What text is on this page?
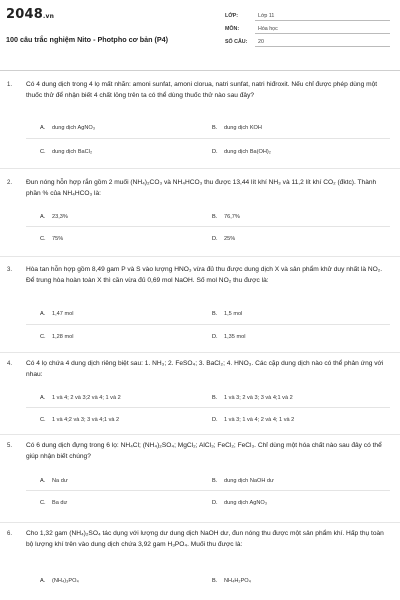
2048.vn
100 câu trắc nghiệm Nito - Photpho cơ bản (P4)
LỚP:	Lớp 11
MÔN:	Hóa học
SỐ CÂU: 20
1. Có 4 dung dịch trong 4 lọ mất nhãn: amoni sunfat, amoni clorua, natri sunfat, natri hiđroxit. Nếu chỉ được phép dùng một thuốc thử để nhận biết 4 chất lỏng trên ta có thể dùng thuốc thử nào sau đây?
A. dung dịch AgNO₃	B. dung dịch KOH
C. dung dịch BaCl₂	D. dung dịch Ba(OH)₂
2. Đun nóng hỗn hợp rắn gồm 2 muối (NH₄)₂CO₃ và NH₄HCO₃ thu được 13,44 lít khí NH₃ và 11,2 lít khí CO₂ (đktc). Thành phần % của NH₄HCO₃ là:
A. 23,3%	B. 76,7%
C. 75%	D. 25%
3. Hòa tan hỗn hợp gồm 8,49 gam P và S vào lượng HNO₃ vừa đủ thu được dung dịch X và sản phẩm khử duy nhất là NO₂. Để trung hòa hoàn toàn X thì cần vừa đủ 0,69 mol NaOH. Số mol NO₂ thu được là:
A. 1,47 mol	B. 1,5 mol
C. 1,28 mol	D. 1,35 mol
4. Có 4 lọ chứa 4 dung dịch riêng biệt sau: 1. NH₃; 2. FeSO₄; 3. BaCl₂; 4. HNO₃. Các cặp dung dịch nào có thể phản ứng với nhau:
A. 1 và 4; 2 và 3;2 và 4; 1 và 2	B. 1 và 3; 2 và 3; 3 và 4;1 và 2
C. 1 và 4;2 và 3; 3 và 4;1 và 2	D. 1 và 3; 1 và 4; 2 và 4; 1 và 2
5. Có 6 dung dịch đựng trong 6 lọ: NH₄Cl; (NH₄)₂SO₄; MgCl₂; AlCl₃; FeCl₂; FeCl₃. Chỉ dùng một hóa chất nào sau đây có thể giúp nhận biết chúng?
A. Na dư	B. dung dịch NaOH dư
C. Ba dư	D. dung dịch AgNO₃
6. Cho 1,32 gam (NH₄)₂SO₄ tác dụng với lượng dư dung dịch NaOH dư, đun nóng thu được một sản phẩm khí. Hấp thụ toàn bộ lượng khí trên vào dung dịch chứa 3,92 gam H₃PO₄. Muối thu được là:
A. (NH₄)₃PO₄	B. NH₄H₂PO₄
